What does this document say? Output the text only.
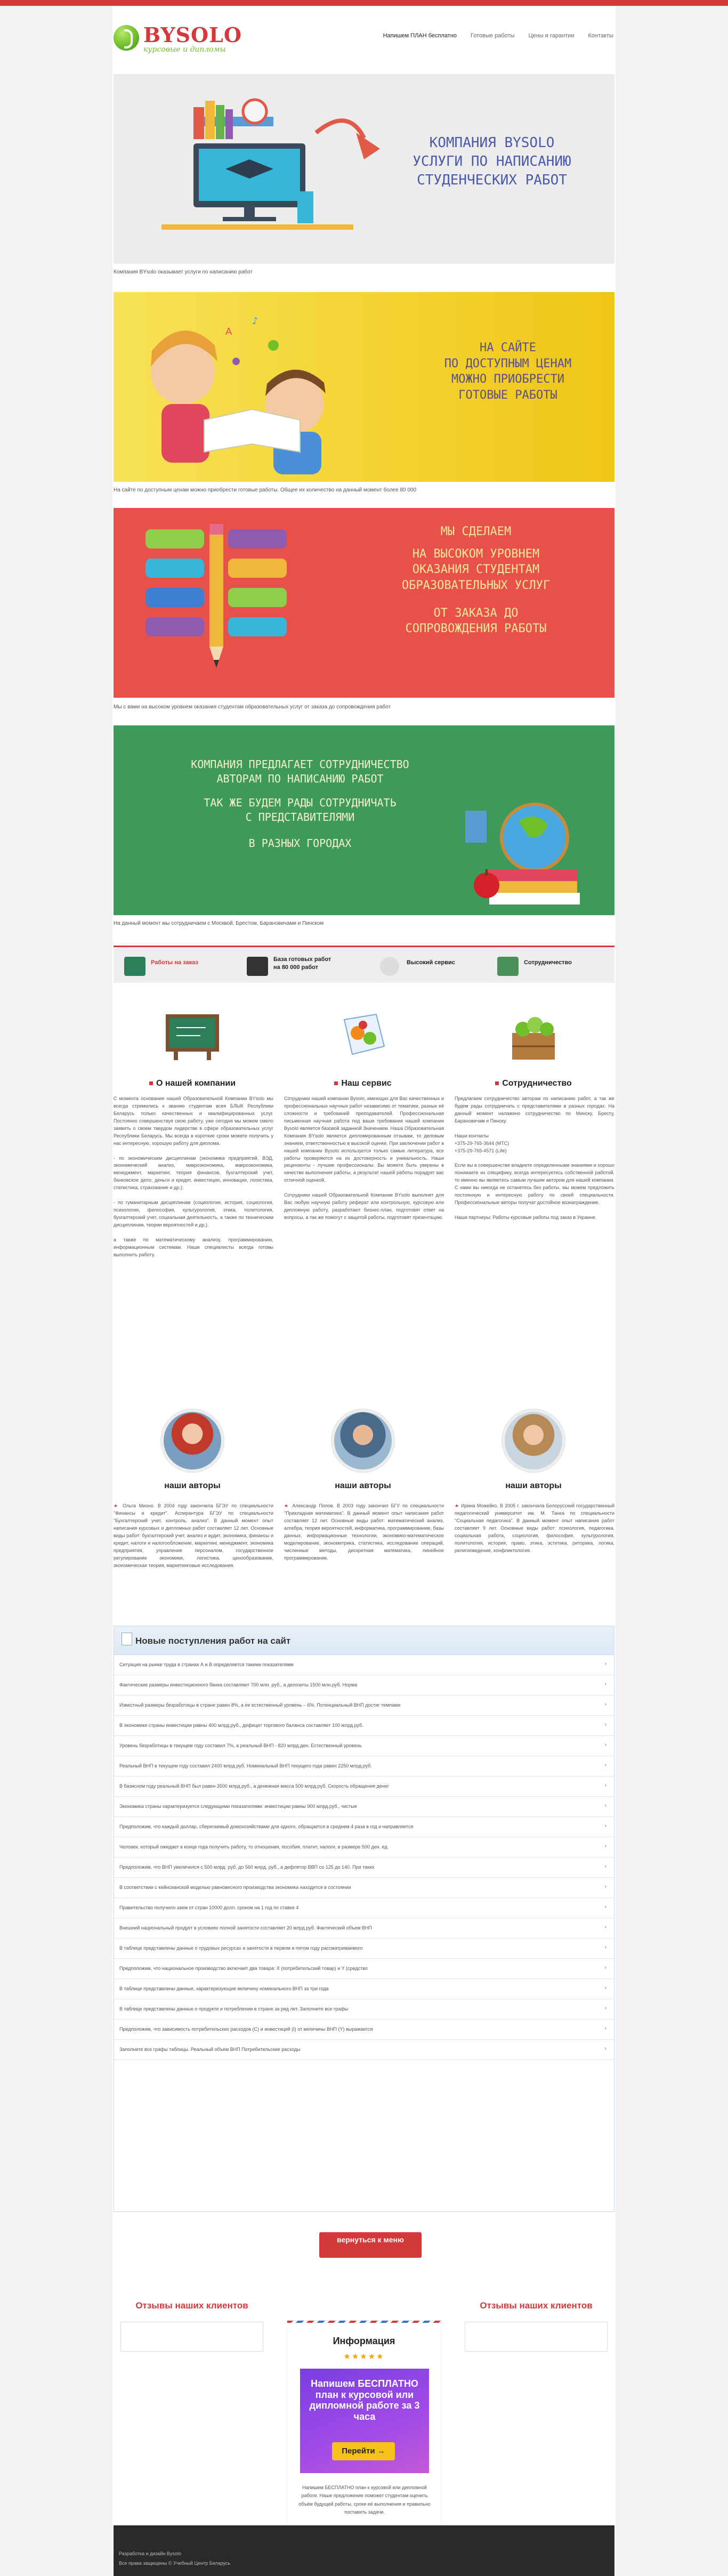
BYSOLO
курсовые и дипломы
Напишем ПЛАН бесплатно Готовые работы Цены и гарантии Контакты
КОМПАНИЯ BYSOLO
УСЛУГИ ПО НАПИСАНИЮ
СТУДЕНЧЕСКИХ РАБОТ
Компания BYsolo оказывает услуги по написанию работ
A
♪
НА САЙТЕ
ПО ДОСТУПНЫМ ЦЕНАМ
МОЖНО ПРИОБРЕСТИ
ГОТОВЫЕ РАБОТЫ
На сайте по доступным ценам можно приобрести готовые работы. Общее их количество на данный момент более 80 000
МЫ СДЕЛАЕМ
НА ВЫСОКОМ УРОВНЕМ
ОКАЗАНИЯ СТУДЕНТАМ
ОБРАЗОВАТЕЛЬНЫХ УСЛУГ
ОТ ЗАКАЗА ДО
СОПРОВОЖДЕНИЯ РАБОТЫ
Мы с вами на высоком уровнем оказания студентам образовательных услуг от заказа до сопровождения работ
КОМПАНИЯ ПРЕДЛАГАЕТ СОТРУДНИЧЕСТВО
АВТОРАМ ПО НАПИСАНИЮ РАБОТ
ТАК ЖЕ БУДЕМ РАДЫ СОТРУДНИЧАТЬ
С ПРЕДСТАВИТЕЛЯМИ
В РАЗНЫХ ГОРОДАХ
На данный момент мы сотрудничаем с Москвой, Брестом, Барановичами и Пинском
Работы на заказ	База готовых работ
на 80 000 работ
Высокий сервис	Сотрудничество
О нашей компании	Наш сервис	Сотрудничество
С момента основания нашей Образовательной Компании BYsolo мы всегда стремились к званию студентам всея БЛЫК Республики Беларусь только качественных и квалифицированных услуг. Постоянно совершенствуя свою работу, уже сегодня мы можем смело заявить о своем твердом лидерстве в сфере образовательных услуг Республики Беларусь. Мы всегда в короткие сроки можете получить у нас интересную, хорошую работу для диплома.

- по экономическим дисциплинам (экономика предприятий, ВЭД, экономический анализ, микроэкономика, макроэкономика, менеджмент, маркетинг, теория финансов, бухгалтерский учет, банковское дело, деньги и кредит, инвестиции, инновации, логистика, статистика, страхование и др.);

- по гуманитарным дисциплинам (социология, история, социология, психология, философия, культурология, этика, политология, бухгалтерский учет, социальная деятельность, а также по техническим дисциплинам, теории вероятностей и др.).

а также по математическому анализу, программированию, информационным системам. Наши специалисты всегда готовы выполнить работу.
Сотрудники нашей компании Bysolo, имеющих для Вас качественных и профессиональных научных работ независимо от тематики, разных её сложности и требований преподавателей. Профессиональная письменная научная работа под ваши требования нашей компании Bysolo является базовой заданной Значением. Наша Образовательная Компания BYsolo является дипломированным отзывам, то деловым знанием, ответственностью в высокой оценке. При заключении работ в нашей компании Bysolo используется только самые литература, все работы проверяются на их достоверность и уникальность. Наши рецензенты - лучшие профессионалы. Вы можете быть уверены в качестве выполнения работы, а результат нашей работы порадует вас отличной оценкой.

Сотрудники нашей Образовательной Компании BYsolo выполнят для Вас любую научную работу реферат или контрольную, курсовую или дипломную работу, разработают бизнес-план, подготовят ответ на вопросы, а так же помогут с защитой работы, подготовят презентацию.
Предлагаем сотрудничество авторам по написанию работ, а так же будем рады сотрудничать с представителями в разных городах. На данный момент налажено сотрудничество по Минску, Бресту, Барановичам и Пинску.

Наши контакты
+375-29-765-3644 (МТС)
+375-29-765-4571 (Life)

Если вы в совершенстве владеете определенными знаниями и хорошо понимаете их специфику, всегда интересуетесь собственной работой, то именно вы являетесь самым лучшим автором для нашей компании. С нами вы никогда не останетесь без работы, мы можем предложить постоянную и интересную работу по своей специальности. Профессиональные авторы получат достойное вознаграждение.

Наши партнеры: Работы курсовые работы под заказ в Украине.
наши авторы	наши авторы	наши авторы
★ Ольга Михно. В 2004 году закончила БГЭУ по специальности "Финансы и кредит". Аспирантура БГЭУ по специальности "Бухгалтерский учет, контроль, анализ". В данный момент опыт написания курсовых и дипломных работ составляет 12 лет. Основные виды работ: бухгалтерский учет, анализ и аудит, экономика, финансы и кредит, налоги и налогообложение, маркетинг, менеджмент, экономика предприятия, управление персоналом, государственное регулирование экономики, логистика, ценообразование, экономическая теория, маркетинговые исследования.
★ Александр Попов. В 2003 году закончил БГУ по специальности "Прикладная математика". В данный момент опыт написания работ составляет 12 лет. Основные виды работ: математический анализ, алгебра, теория вероятностей, информатика, программирование, базы данных, информационные технологии, экономико-математическое моделирование, эконометрика, статистика, исследование операций, численные методы, дискретная математика, линейное программирование.
★ Ирина Можейко. В 2005 г. закончила Белорусский государственный педагогический университет им. М. Танка по специальности "Социальная педагогика". В данный момент опыт написания работ составляет 9 лет. Основные виды работ: психология, педагогика, социальная работа, социология, философия, культурология, политология, история, право, этика, эстетика, риторика, логика, религиоведение, конфликтология.
Новые поступления работ на сайт
Ситуация на рынке труда в странах А и В определяется такими показателями	›
Фактические размеры инвестиционного банка составляют 700 млн. руб., а депозиты 1500 млн.руб. Норма	›
Известный размеры безработицы в стране равен 8%, а ее естественный уровень – 6%. Потенциальный ВНП достиг темпами	›
В экономике страны инвестиции равны 400 млрд.руб., дефицит торгового баланса составляет 100 млрд.руб.	›
Уровень безработицы в текущем году составил 7%, а реальный ВНП - 820 млрд.ден. Естественный уровень	›
Реальный ВНП в текущем году составил 2400 млрд.руб. Номинальный ВНП текущего года равен 2250 млрд.руб.	›
В базисном году реальный ВНП был равен 3500 млрд.руб., а денежная масса 500 млрд.руб. Скорость обращения денег	›
Экономика страны характеризуется следующими показателями: инвестиции равны 900 млрд.руб., чистые	›
Предположим, что каждый доллар, сберегаемый домохозяйствами для одного, обращается в среднем 4 раза в год и направляется	›
Человек, который ожидает в конце года получить работу, то отношения, пособия, платит, налоги, в размере 500 ден. ед.	›
Предположим, что ВНП увеличился с 500 млрд. руб. до 560 млрд. руб., а дефлятор ВВП со 125 до 140. При таких	›
В соответствии с кейнсианской моделью равновесного производства экономика находится в состоянии	›
Правительство получило заем от стран 10000 долл. сроком на 1 год по ставке 4	›
Внешний национальный продукт в условиях полной занятости составляет 20 млрд.руб. Фактический объем ВНП	›
В таблице представлены данные о трудовых ресурсах и занятости в первом и пятом году рассматриваемого	›
Предположим, что национальное производство включает два товара: X (потребительский товар) и Y (средство	›
В таблице представлены данные, характеризующие величину номинального ВНП за три года	›
В таблице представлены данные о продукте и потреблении в стране за ряд лет. Заполните все графы	›
Предположим, что зависимость потребительских расходов (C) и инвестиций (I) от величины ВНП (Y) выражается	›
Заполните все графы таблицы. Реальный объем ВНП Потребительские расходы	›
вернуться к меню
Отзывы наших клиентов
Информация
★★★★★
Напишем БЕСПЛАТНО план к курсовой или дипломной работе за 3 часа
Перейти →
Напишем БЕСПЛАТНО план к курсовой или дипломной работе. Наше предложение поможет студентам оценить объём будущей работы, сроки её выполнения и правильно поставить задачи.
Отзывы наших клиентов
Разработка и дизайн Bysolo
Все права защищены © Учебный Центр Беларусь
